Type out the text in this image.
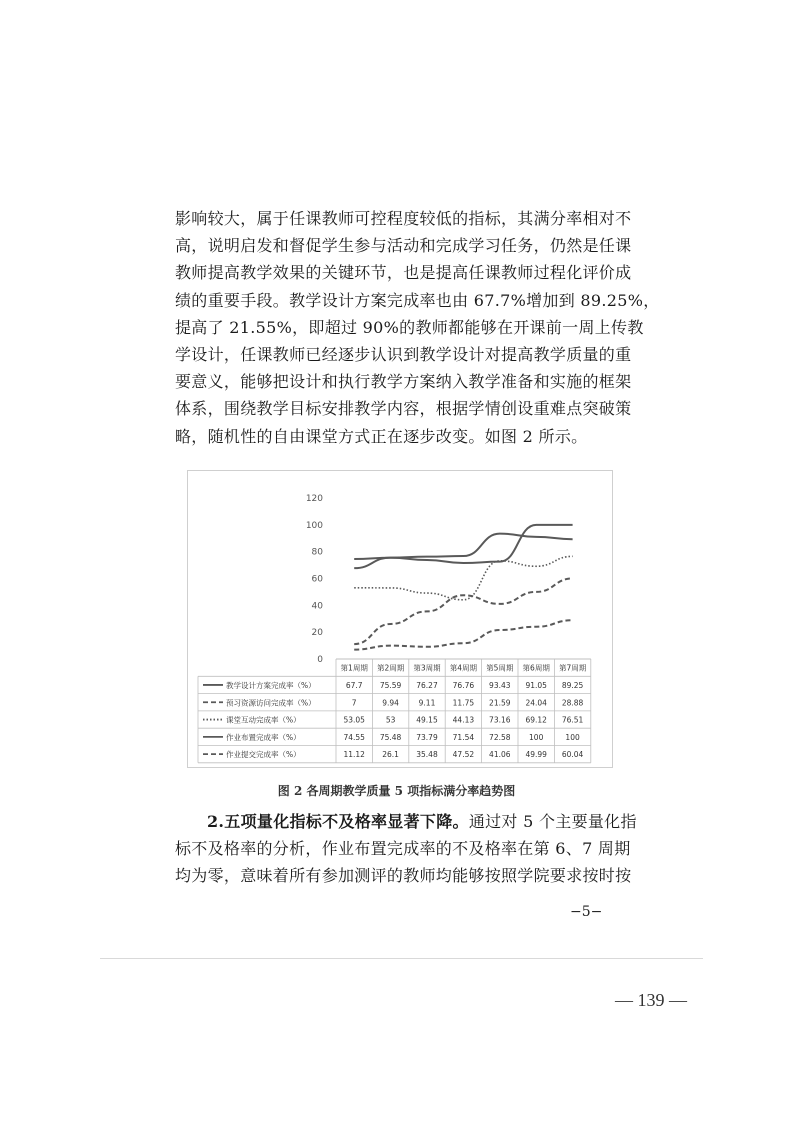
影响较大，属于任课教师可控程度较低的指标，其满分率相对不
高，说明启发和督促学生参与活动和完成学习任务，仍然是任课
教师提高教学效果的关键环节，也是提高任课教师过程化评价成
绩的重要手段。教学设计方案完成率也由 67.7%增加到 89.25%，
提高了 21.55%，即超过 90%的教师都能够在开课前一周上传教
学设计，任课教师已经逐步认识到教学设计对提高教学质量的重
要意义，能够把设计和执行教学方案纳入教学准备和实施的框架
体系，围绕教学目标安排教学内容，根据学情创设重难点突破策
略，随机性的自由课堂方式正在逐步改变。如图 2 所示。
0
20
40
60
80
100
120
第1周期 第2周期 第3周期 第4周期 第5周期 第6周期 第7周期
教学设计方案完成率（%）	67.7 75.59 76.27 76.76 93.43 91.05 89.25
预习资源访问完成率（%）	7	9.94	9.11 11.75 21.59 24.04 28.88
课堂互动完成率（%）	53.05	53	49.15 44.13 73.16 69.12 76.51
作业布置完成率（%）	74.55 75.48 73.79 71.54 72.58 100	100
作业提交完成率（%）	11.12 26.1 35.48 47.52 41.06 49.99 60.04
图 2 各周期教学质量 5 项指标满分率趋势图
2.五项量化指标不及格率显著下降。通过对 5 个主要量化指
标不及格率的分析，作业布置完成率的不及格率在第 6、7 周期
均为零，意味着所有参加测评的教师均能够按照学院要求按时按
−5−
— 139 —
